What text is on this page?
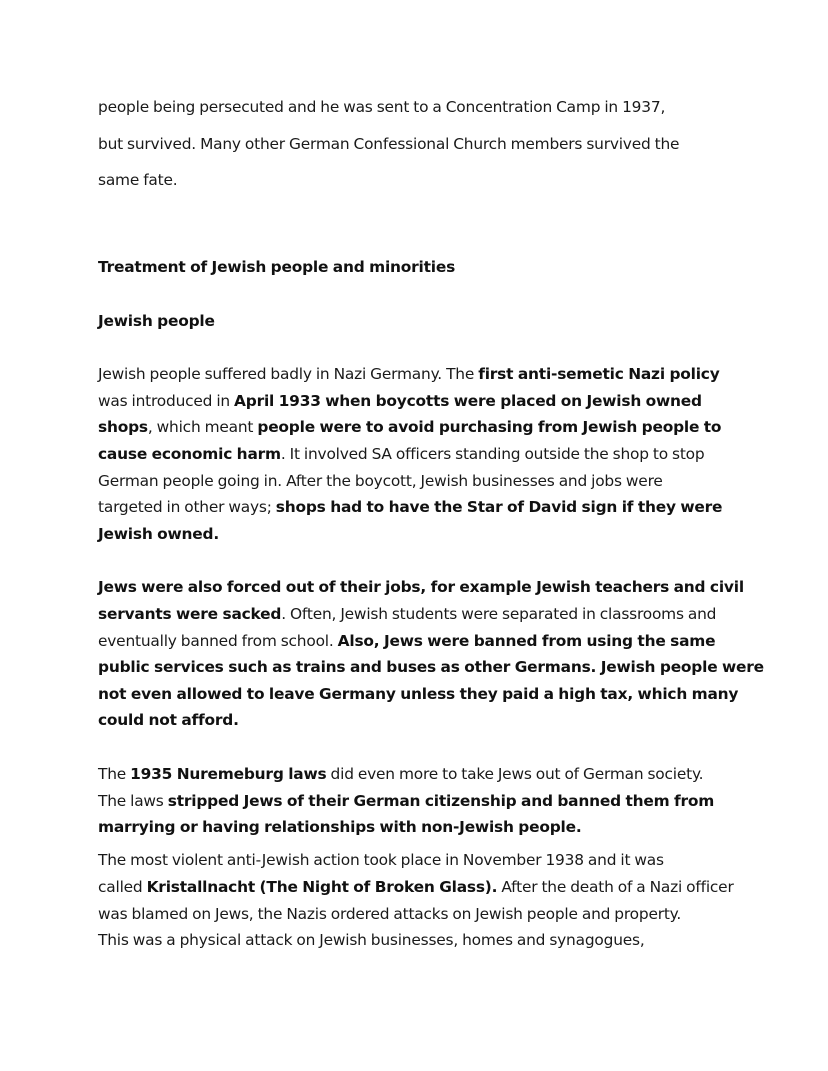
people being persecuted and he was sent to a Concentration Camp in 1937,
but survived. Many other German Confessional Church members survived the
same fate.
Treatment of Jewish people and minorities
Jewish people
Jewish people suffered badly in Nazi Germany. The first anti-semetic Nazi policy
was introduced in April 1933 when boycotts were placed on Jewish owned
shops, which meant people were to avoid purchasing from Jewish people to
cause economic harm. It involved SA officers standing outside the shop to stop
German people going in. After the boycott, Jewish businesses and jobs were
targeted in other ways; shops had to have the Star of David sign if they were
Jewish owned.
Jews were also forced out of their jobs, for example Jewish teachers and civil
servants were sacked. Often, Jewish students were separated in classrooms and
eventually banned from school. Also, Jews were banned from using the same
public services such as trains and buses as other Germans. Jewish people were
not even allowed to leave Germany unless they paid a high tax, which many
could not afford.
The 1935 Nuremeburg laws did even more to take Jews out of German society.
The laws stripped Jews of their German citizenship and banned them from
marrying or having relationships with non-Jewish people.
The most violent anti-Jewish action took place in November 1938 and it was
called Kristallnacht (The Night of Broken Glass). After the death of a Nazi officer
was blamed on Jews, the Nazis ordered attacks on Jewish people and property.
This was a physical attack on Jewish businesses, homes and synagogues,
